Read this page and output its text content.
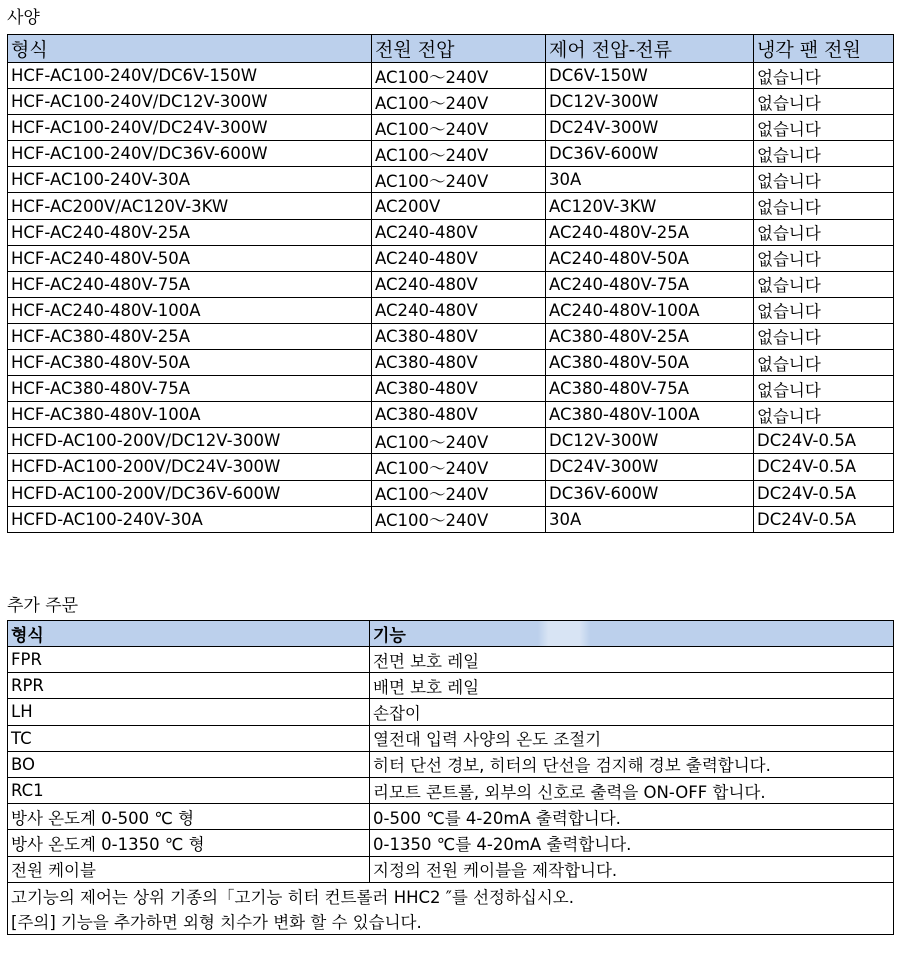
사양
형식	전원 전압	제어 전압-전류	냉각 팬 전원
HCF-AC100-240V/DC6V-150W	AC100～240V	DC6V-150W	없습니다
HCF-AC100-240V/DC12V-300W	AC100～240V	DC12V-300W	없습니다
HCF-AC100-240V/DC24V-300W	AC100～240V	DC24V-300W	없습니다
HCF-AC100-240V/DC36V-600W	AC100～240V	DC36V-600W	없습니다
HCF-AC100-240V-30A	AC100～240V	30A	없습니다
HCF-AC200V/AC120V-3KW	AC200V	AC120V-3KW	없습니다
HCF-AC240-480V-25A	AC240-480V	AC240-480V-25A	없습니다
HCF-AC240-480V-50A	AC240-480V	AC240-480V-50A	없습니다
HCF-AC240-480V-75A	AC240-480V	AC240-480V-75A	없습니다
HCF-AC240-480V-100A	AC240-480V	AC240-480V-100A	없습니다
HCF-AC380-480V-25A	AC380-480V	AC380-480V-25A	없습니다
HCF-AC380-480V-50A	AC380-480V	AC380-480V-50A	없습니다
HCF-AC380-480V-75A	AC380-480V	AC380-480V-75A	없습니다
HCF-AC380-480V-100A	AC380-480V	AC380-480V-100A	없습니다
HCFD-AC100-200V/DC12V-300W	AC100～240V	DC12V-300W	DC24V-0.5A
HCFD-AC100-200V/DC24V-300W	AC100～240V	DC24V-300W	DC24V-0.5A
HCFD-AC100-200V/DC36V-600W	AC100～240V	DC36V-600W	DC24V-0.5A
HCFD-AC100-240V-30A	AC100～240V	30A	DC24V-0.5A
추가 주문
형식	기능
FPR	전면 보호 레일
RPR	배면 보호 레일
LH	손잡이
TC	열전대 입력 사양의 온도 조절기
BO	히터 단선 경보, 히터의 단선을 검지해 경보 출력합니다.
RC1	리모트 콘트롤, 외부의 신호로 출력을 ON-OFF 합니다.
방사 온도계 0-500 ℃ 형	0-500 ℃를 4-20mA 출력합니다.
방사 온도계 0-1350 ℃ 형	0-1350 ℃를 4-20mA 출력합니다.
전원 케이블	지정의 전원 케이블을 제작합니다.
고기능의 제어는 상위 기종의「고기능 히터 컨트롤러 HHC2 ″를 선정하십시오.	
[주의] 기능을 추가하면 외형 치수가 변화 할 수 있습니다.	
